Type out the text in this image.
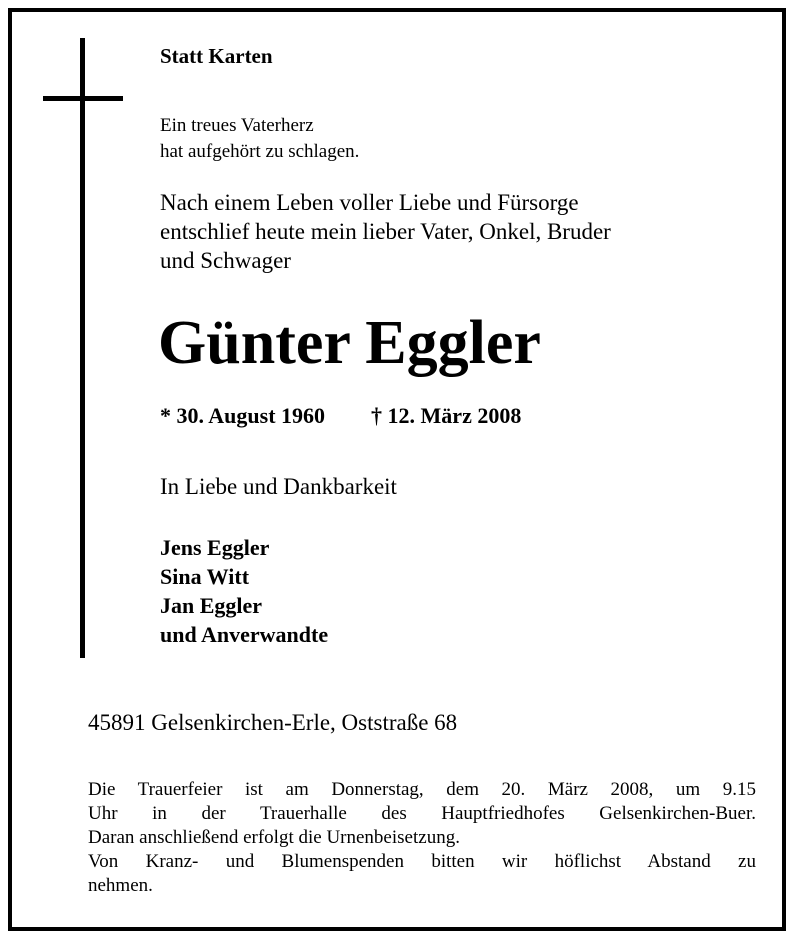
Statt Karten

Ein treues Vaterherz
hat aufgehört zu schlagen.
Nach einem Leben voller Liebe und Fürsorge
entschlief heute mein lieber Vater, Onkel, Bruder
und Schwager

Günter Eggler

* 30. August 1960 † 12. März 2008

In Liebe und Dankbarkeit

Jens Eggler
Sina Witt
Jan Eggler
und Anverwandte

45891 Gelsenkirchen-Erle, Oststraße 68

Die Trauerfeier ist am Donnerstag, dem 20. März 2008, um 9.15
Uhr in der Trauerhalle des Hauptfriedhofes Gelsenkirchen-Buer.
Daran anschließend erfolgt die Urnenbeisetzung.
Von Kranz- und Blumenspenden bitten wir höflichst Abstand zu
nehmen.
